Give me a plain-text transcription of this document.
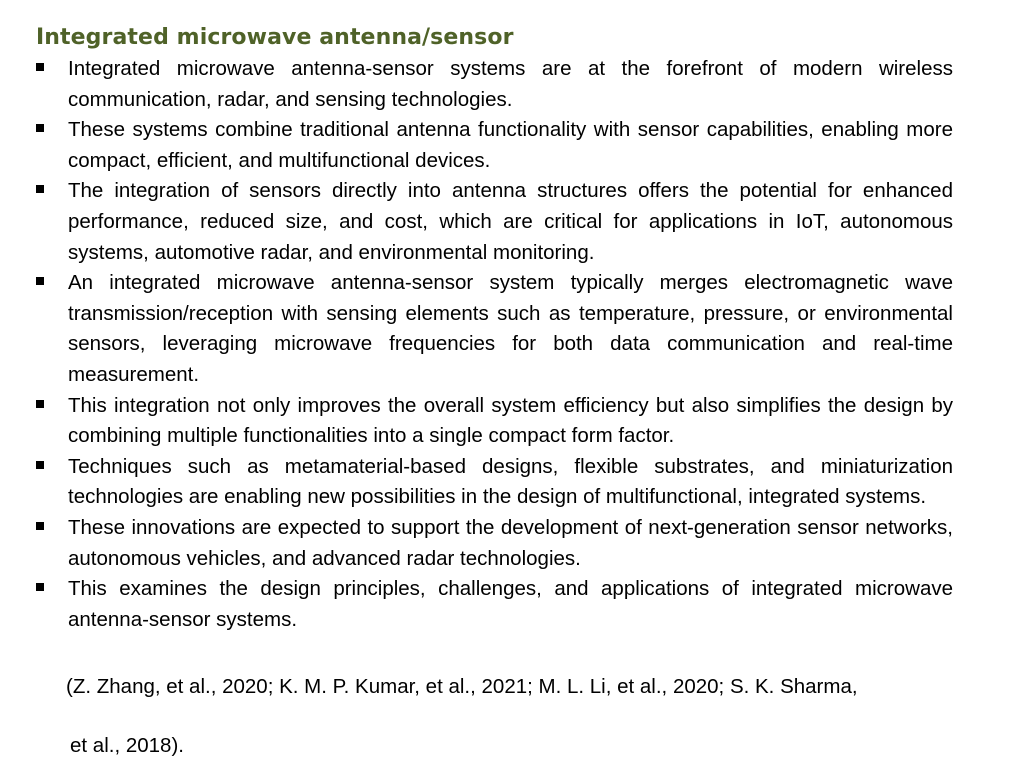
Integrated microwave antenna/sensor
Integrated microwave antenna-sensor systems are at the forefront of modern wireless communication, radar, and sensing technologies.
These systems combine traditional antenna functionality with sensor capabilities, enabling more compact, efficient, and multifunctional devices.
The integration of sensors directly into antenna structures offers the potential for enhanced performance, reduced size, and cost, which are critical for applications in IoT, autonomous systems, automotive radar, and environmental monitoring.
An integrated microwave antenna-sensor system typically merges electromagnetic wave transmission/reception with sensing elements such as temperature, pressure, or environmental sensors, leveraging microwave frequencies for both data communication and real-time measurement.
This integration not only improves the overall system efficiency but also simplifies the design by combining multiple functionalities into a single compact form factor.
Techniques such as metamaterial-based designs, flexible substrates, and miniaturization technologies are enabling new possibilities in the design of multifunctional, integrated systems.
These innovations are expected to support the development of next-generation sensor networks, autonomous vehicles, and advanced radar technologies.
This examines the design principles, challenges, and applications of integrated microwave antenna-sensor systems.

(Z. Zhang, et al., 2020; K. M. P. Kumar, et al., 2021; M. L. Li, et al., 2020; S. K. Sharma,

et al., 2018).
